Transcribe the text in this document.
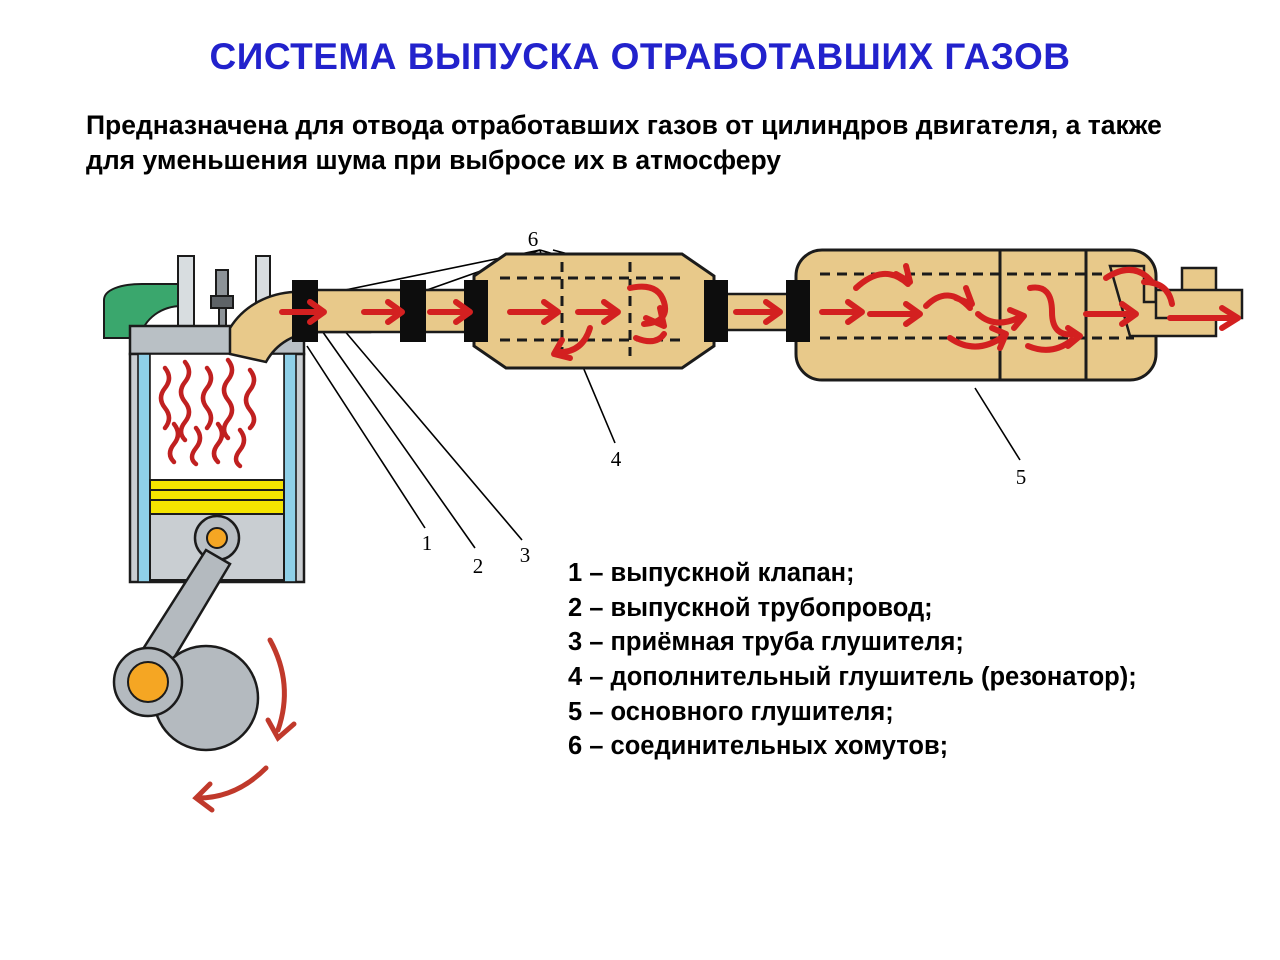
СИСТЕМА ВЫПУСКА ОТРАБОТАВШИХ ГАЗОВ
Предназначена для отвода отработавших газов от цилиндров двигателя, а также для уменьшения шума при выбросе их в атмосферу
6
4
5
1
2 3
1 – выпускной клапан;
2 – выпускной трубопровод;
3 – приёмная труба глушителя;
4 – дополнительный глушитель (резонатор);
5 – основного глушителя;
6 – соединительных хомутов;
